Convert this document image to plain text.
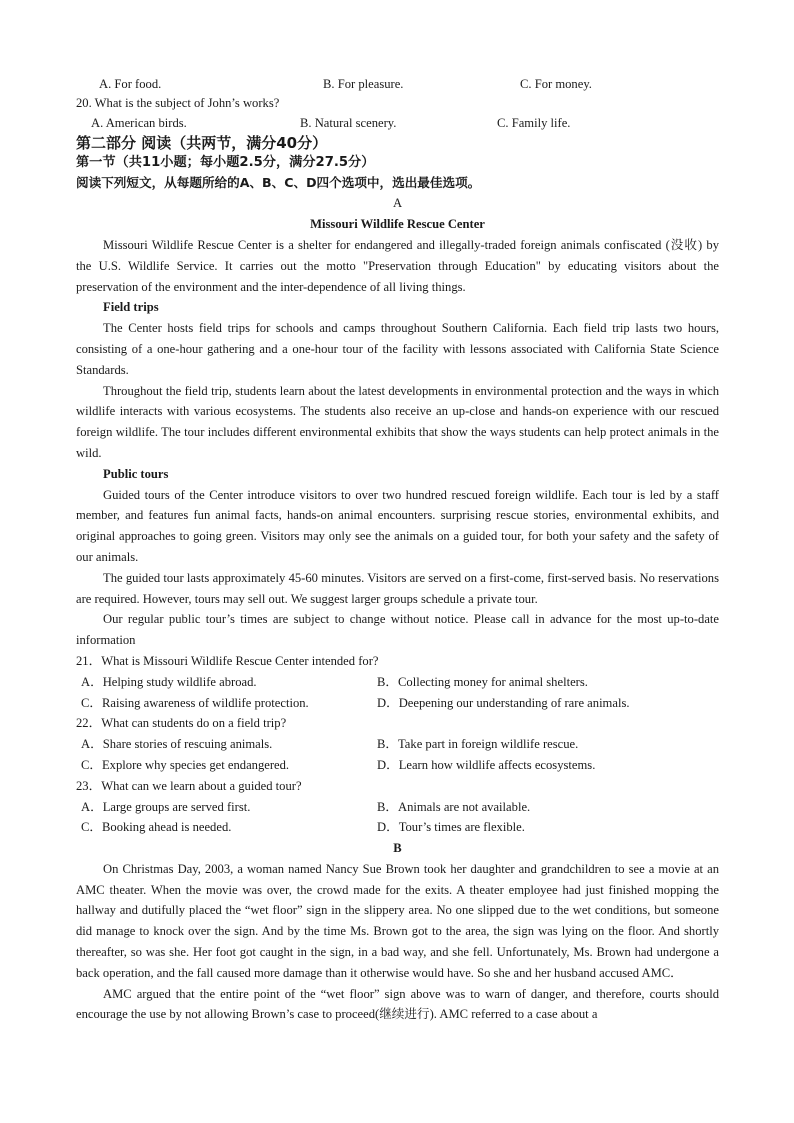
A. For food.	B. For pleasure.	C. For money.
20. What is the subject of John’s works?
A. American birds.	B. Natural scenery.	C. Family life.
第二部分 阅读（共两节，满分40分）
第一节（共11小题；每小题2.5分，满分27.5分）
阅读下列短文，从每题所给的A、B、C、D四个选项中，选出最佳选项。
A
Missouri Wildlife Rescue Center

Missouri Wildlife Rescue Center is a shelter for endangered and illegally-traded foreign animals confiscated (没收) by the U.S. Wildlife Service. It carries out the motto "Preservation through Education" by educating visitors about the preservation of the environment and the inter-dependence of all living things.

Field trips

The Center hosts field trips for schools and camps throughout Southern California. Each field trip lasts two hours, consisting of a one-hour gathering and a one-hour tour of the facility with lessons associated with California State Science Standards.

Throughout the field trip, students learn about the latest developments in environmental protection and the ways in which wildlife interacts with various ecosystems. The students also receive an up-close and hands-on experience with our rescued foreign wildlife. The tour includes different environmental exhibits that show the ways students can help protect animals in the wild.

Public tours

Guided tours of the Center introduce visitors to over two hundred rescued foreign wildlife. Each tour is led by a staff member, and features fun animal facts, hands-on animal encounters. surprising rescue stories, environmental exhibits, and original approaches to going green. Visitors may only see the animals on a guided tour, for both your safety and the safety of our animals.

The guided tour lasts approximately 45-60 minutes. Visitors are served on a first-come, first-served basis. No reservations are required. However, tours may sell out. We suggest larger groups schedule a private tour.

Our regular public tour’s times are subject to change without notice. Please call in advance for the most up-to-date information

21．What is Missouri Wildlife Rescue Center intended for?
A．Helping study wildlife abroad.	B．Collecting money for animal shelters.
C．Raising awareness of wildlife protection.	D．Deepening our understanding of rare animals.
22．What can students do on a field trip?
A．Share stories of rescuing animals.	B．Take part in foreign wildlife rescue.
C．Explore why species get endangered.	D．Learn how wildlife affects ecosystems.
23．What can we learn about a guided tour?
A．Large groups are served first.	B．Animals are not available.
C．Booking ahead is needed.	D．Tour’s times are flexible.
B

On Christmas Day, 2003, a woman named Nancy Sue Brown took her daughter and grandchildren to see a movie at an AMC theater. When the movie was over, the crowd made for the exits. A theater employee had just finished mopping the hallway and dutifully placed the “wet floor” sign in the slippery area. No one slipped due to the wet conditions, but someone did manage to knock over the sign. And by the time Ms. Brown got to the area, the sign was lying on the floor. And shortly thereafter, so was she. Her foot got caught in the sign, in a bad way, and she fell. Unfortunately, Ms. Brown had undergone a back operation, and the fall caused more damage than it otherwise would have. So she and her husband accused AMC．

AMC argued that the entire point of the “wet floor” sign above was to warn of danger, and therefore, courts should encourage the use by not allowing Brown’s case to proceed(继续进行). AMC referred to a case about a
